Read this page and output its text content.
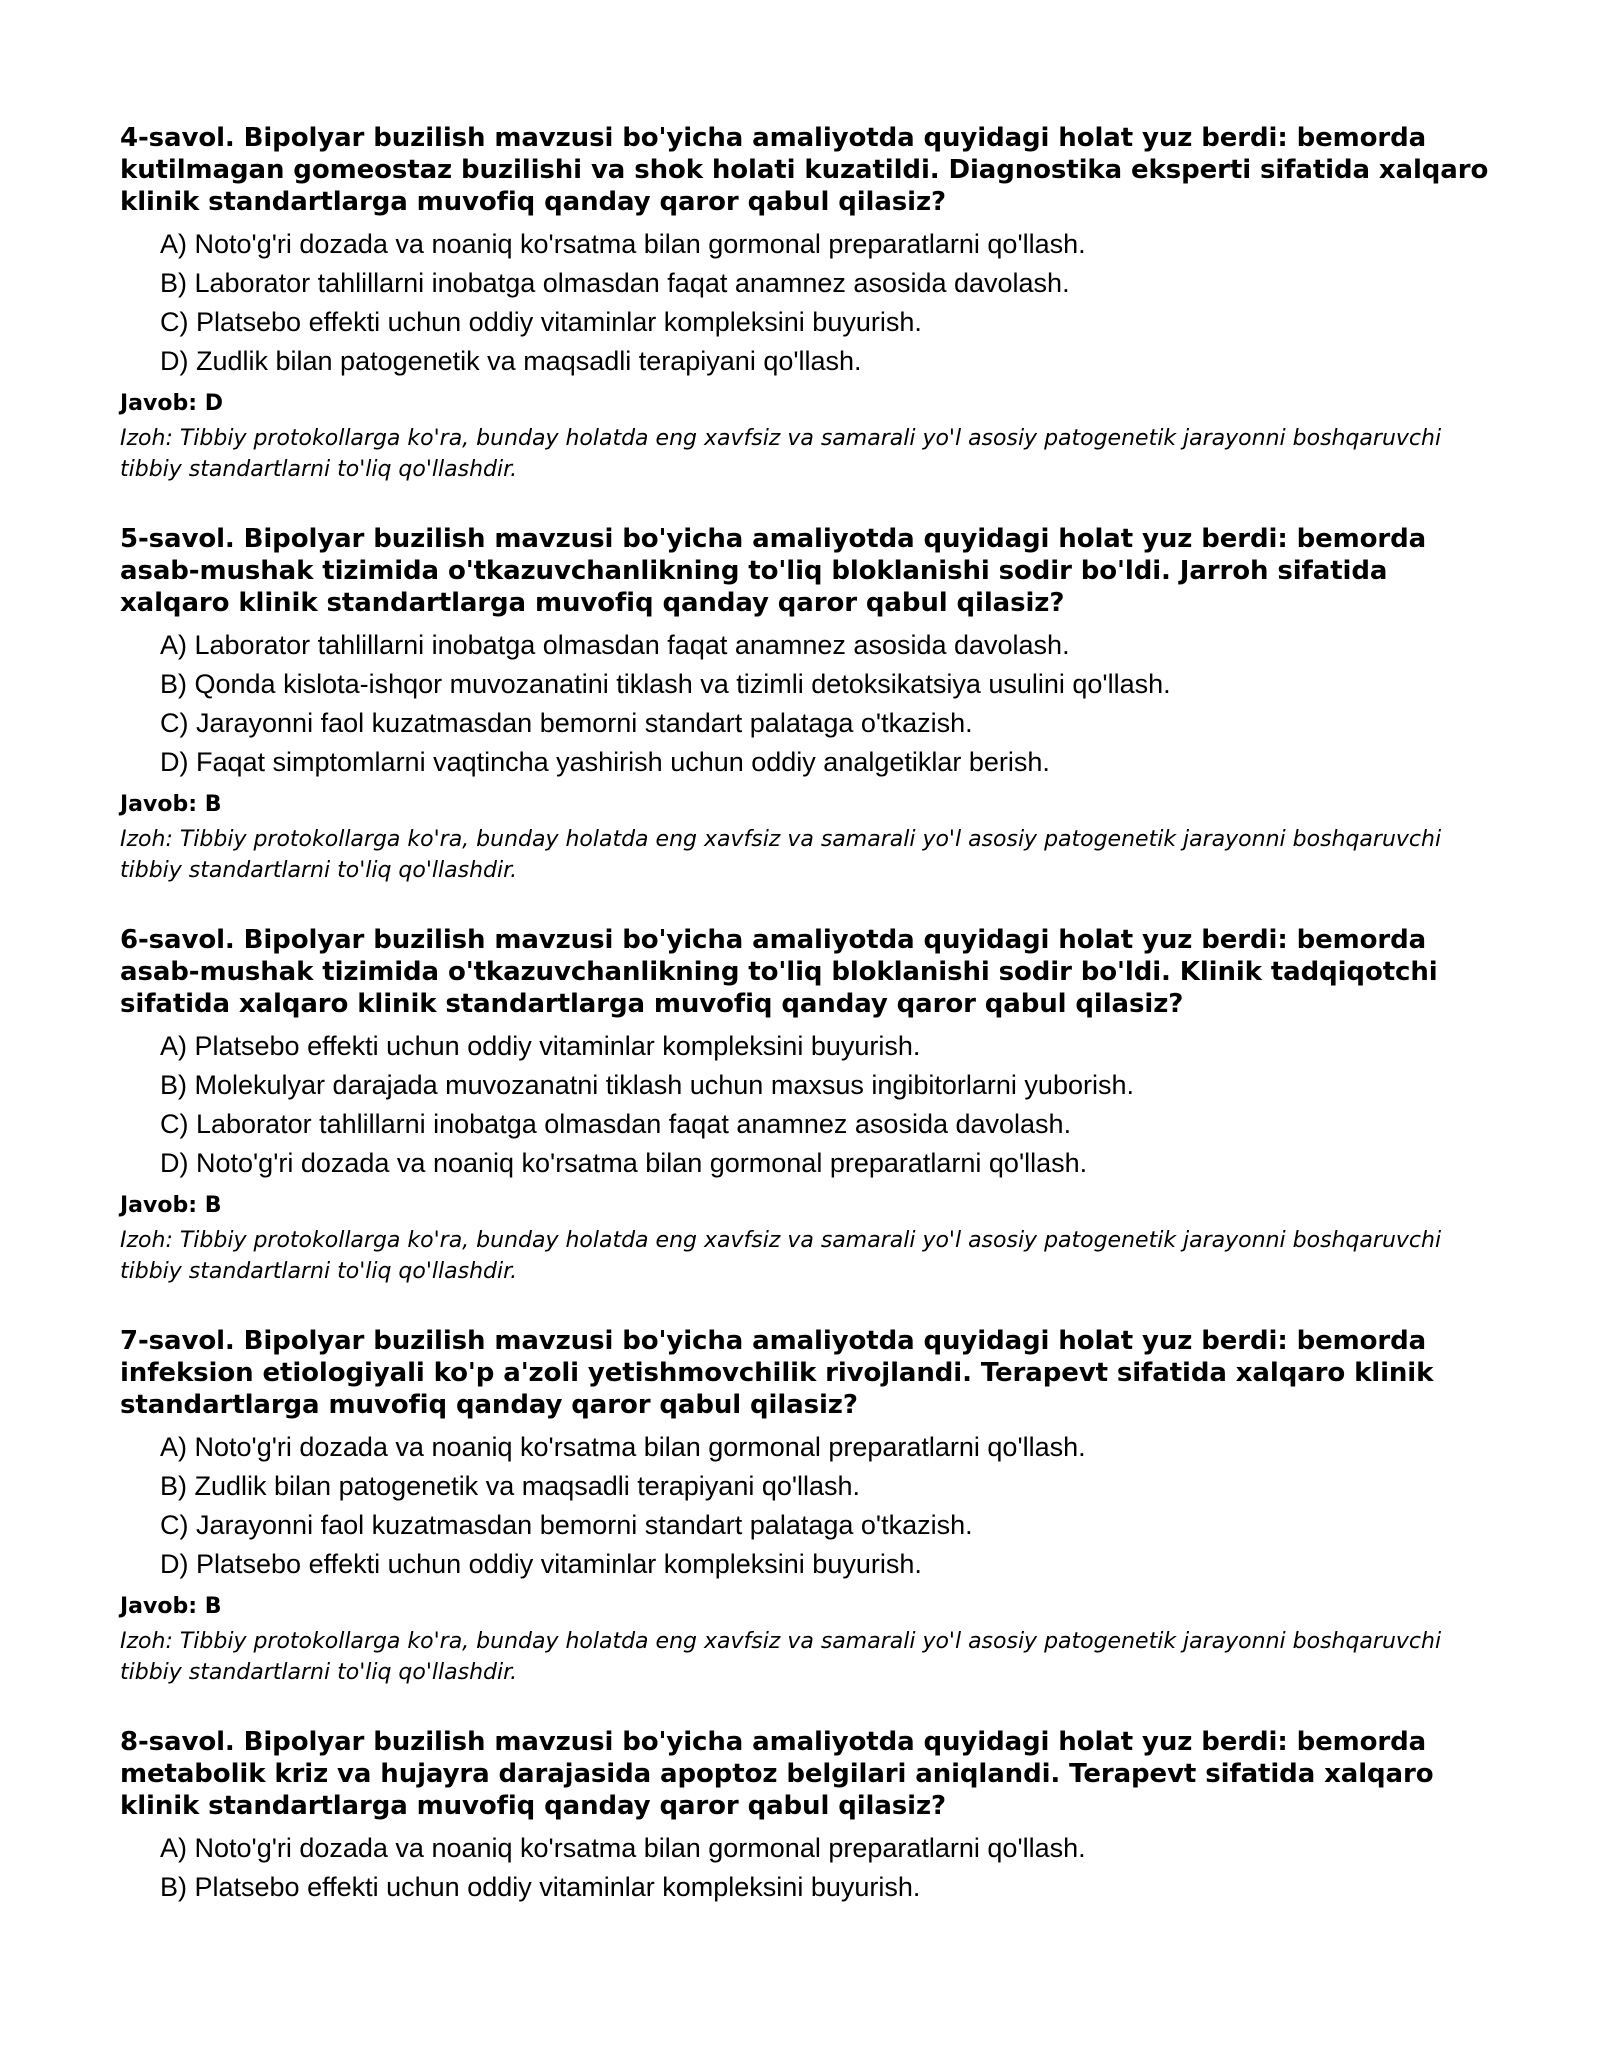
4-savol. Bipolyar buzilish mavzusi bo'yicha amaliyotda quyidagi holat yuz berdi: bemorda kutilmagan gomeostaz buzilishi va shok holati kuzatildi. Diagnostika eksperti sifatida xalqaro klinik standartlarga muvofiq qanday qaror qabul qilasiz?

A) Noto'g'ri dozada va noaniq ko'rsatma bilan gormonal preparatlarni qo'llash.
B) Laborator tahlillarni inobatga olmasdan faqat anamnez asosida davolash.
C) Platsebo effekti uchun oddiy vitaminlar kompleksini buyurish.
D) Zudlik bilan patogenetik va maqsadli terapiyani qo'llash.

Javob: D

Izoh: Tibbiy protokollarga ko'ra, bunday holatda eng xavfsiz va samarali yo'l asosiy patogenetik jarayonni boshqaruvchi tibbiy standartlarni to'liq qo'llashdir.

5-savol. Bipolyar buzilish mavzusi bo'yicha amaliyotda quyidagi holat yuz berdi: bemorda asab-mushak tizimida o'tkazuvchanlikning to'liq bloklanishi sodir bo'ldi. Jarroh sifatida xalqaro klinik standartlarga muvofiq qanday qaror qabul qilasiz?

A) Laborator tahlillarni inobatga olmasdan faqat anamnez asosida davolash.
B) Qonda kislota-ishqor muvozanatini tiklash va tizimli detoksikatsiya usulini qo'llash.
C) Jarayonni faol kuzatmasdan bemorni standart palataga o'tkazish.
D) Faqat simptomlarni vaqtincha yashirish uchun oddiy analgetiklar berish.

Javob: B

Izoh: Tibbiy protokollarga ko'ra, bunday holatda eng xavfsiz va samarali yo'l asosiy patogenetik jarayonni boshqaruvchi tibbiy standartlarni to'liq qo'llashdir.

6-savol. Bipolyar buzilish mavzusi bo'yicha amaliyotda quyidagi holat yuz berdi: bemorda asab-mushak tizimida o'tkazuvchanlikning to'liq bloklanishi sodir bo'ldi. Klinik tadqiqotchi sifatida xalqaro klinik standartlarga muvofiq qanday qaror qabul qilasiz?

A) Platsebo effekti uchun oddiy vitaminlar kompleksini buyurish.
B) Molekulyar darajada muvozanatni tiklash uchun maxsus ingibitorlarni yuborish.
C) Laborator tahlillarni inobatga olmasdan faqat anamnez asosida davolash.
D) Noto'g'ri dozada va noaniq ko'rsatma bilan gormonal preparatlarni qo'llash.

Javob: B

Izoh: Tibbiy protokollarga ko'ra, bunday holatda eng xavfsiz va samarali yo'l asosiy patogenetik jarayonni boshqaruvchi tibbiy standartlarni to'liq qo'llashdir.

7-savol. Bipolyar buzilish mavzusi bo'yicha amaliyotda quyidagi holat yuz berdi: bemorda infeksion etiologiyali ko'p a'zoli yetishmovchilik rivojlandi. Terapevt sifatida xalqaro klinik standartlarga muvofiq qanday qaror qabul qilasiz?

A) Noto'g'ri dozada va noaniq ko'rsatma bilan gormonal preparatlarni qo'llash.
B) Zudlik bilan patogenetik va maqsadli terapiyani qo'llash.
C) Jarayonni faol kuzatmasdan bemorni standart palataga o'tkazish.
D) Platsebo effekti uchun oddiy vitaminlar kompleksini buyurish.

Javob: B

Izoh: Tibbiy protokollarga ko'ra, bunday holatda eng xavfsiz va samarali yo'l asosiy patogenetik jarayonni boshqaruvchi tibbiy standartlarni to'liq qo'llashdir.

8-savol. Bipolyar buzilish mavzusi bo'yicha amaliyotda quyidagi holat yuz berdi: bemorda metabolik kriz va hujayra darajasida apoptoz belgilari aniqlandi. Terapevt sifatida xalqaro klinik standartlarga muvofiq qanday qaror qabul qilasiz?

A) Noto'g'ri dozada va noaniq ko'rsatma bilan gormonal preparatlarni qo'llash.
B) Platsebo effekti uchun oddiy vitaminlar kompleksini buyurish.
